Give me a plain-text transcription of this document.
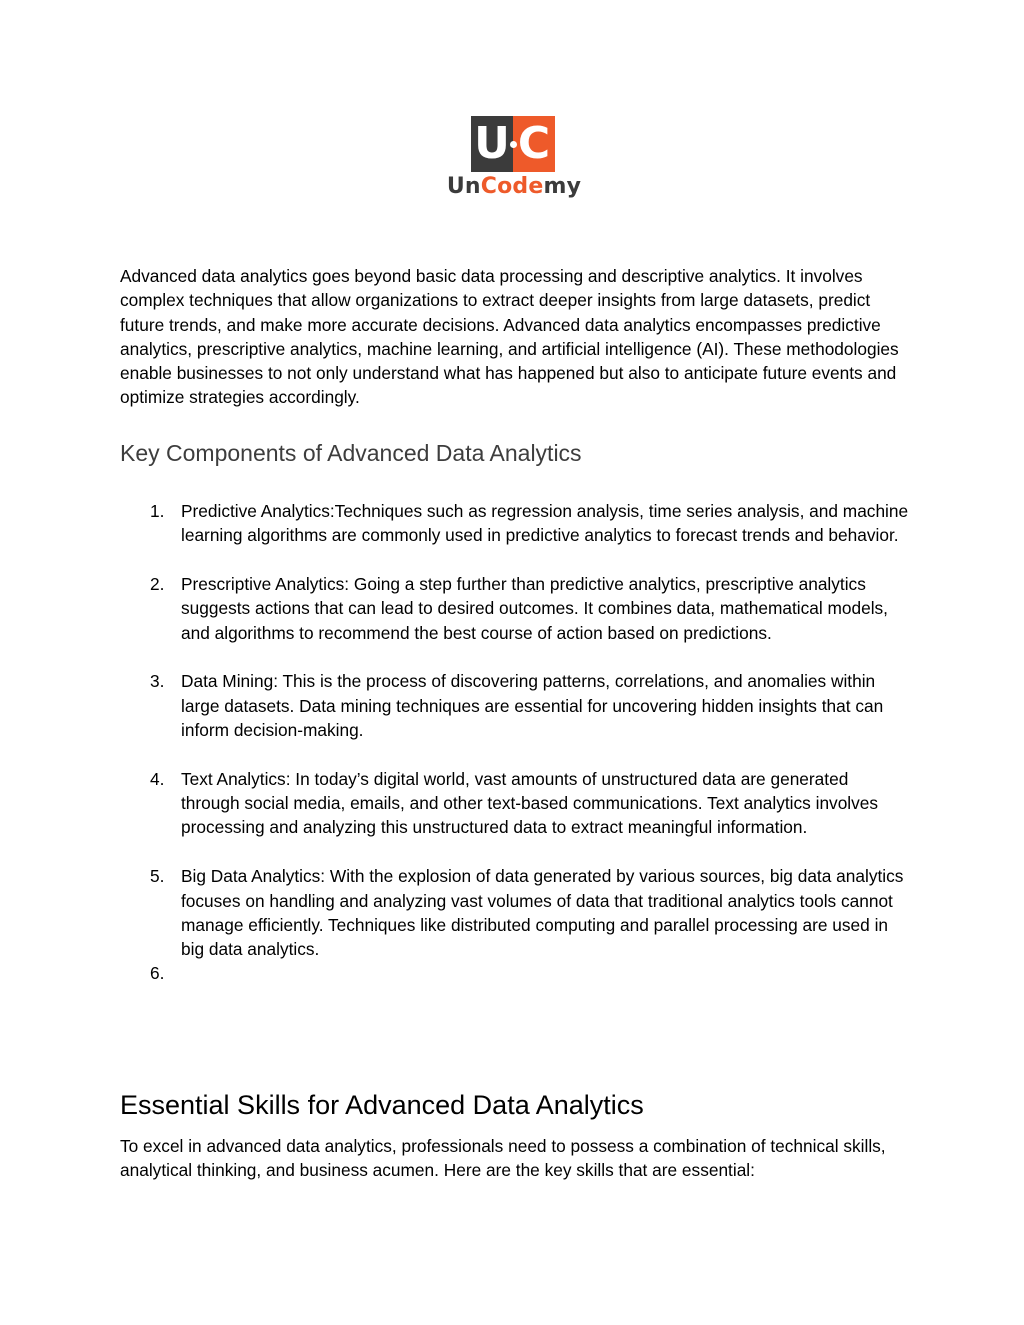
U C
UnCodemy

Advanced data analytics goes beyond basic data processing and descriptive analytics. It involves complex techniques that allow organizations to extract deeper insights from large datasets, predict future trends, and make more accurate decisions. Advanced data analytics encompasses predictive analytics, prescriptive analytics, machine learning, and artificial intelligence (AI). These methodologies enable businesses to not only understand what has happened but also to anticipate future events and optimize strategies accordingly.

Key Components of Advanced Data Analytics
1. Predictive Analytics:Techniques such as regression analysis, time series analysis, and machine learning algorithms are commonly used in predictive analytics to forecast trends and behavior.
2. Prescriptive Analytics: Going a step further than predictive analytics, prescriptive analytics suggests actions that can lead to desired outcomes. It combines data, mathematical models, and algorithms to recommend the best course of action based on predictions.
3. Data Mining: This is the process of discovering patterns, correlations, and anomalies within large datasets. Data mining techniques are essential for uncovering hidden insights that can inform decision-making.
4. Text Analytics: In today’s digital world, vast amounts of unstructured data are generated through social media, emails, and other text-based communications. Text analytics involves processing and analyzing this unstructured data to extract meaningful information.
5. Big Data Analytics: With the explosion of data generated by various sources, big data analytics focuses on handling and analyzing vast volumes of data that traditional analytics tools cannot manage efficiently. Techniques like distributed computing and parallel processing are used in big data analytics.
6.

Essential Skills for Advanced Data Analytics

To excel in advanced data analytics, professionals need to possess a combination of technical skills, analytical thinking, and business acumen. Here are the key skills that are essential:
